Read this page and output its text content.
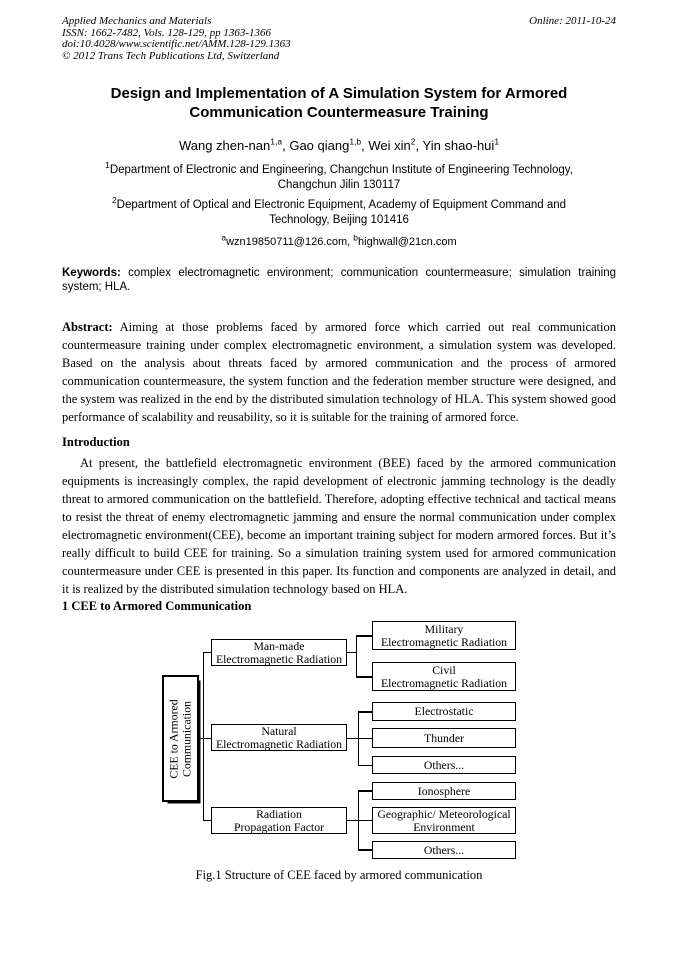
Applied Mechanics and Materials
ISSN: 1662-7482, Vols. 128-129, pp 1363-1366
doi:10.4028/www.scientific.net/AMM.128-129.1363
© 2012 Trans Tech Publications Ltd, Switzerland
Online: 2011-10-24
Design and Implementation of A Simulation System for Armored
Communication Countermeasure Training

Wang zhen-nan$^{1,a}$, Gao qiang$^{1,b}$, Wei xin$^2$, Yin shao-hui$^1$

$^1$Department of Electronic and Engineering, Changchun Institute of Engineering Technology,
Changchun Jilin 130117

$^2$Department of Optical and Electronic Equipment, Academy of Equipment Command and
Technology, Beijing 101416

$^a$wzn19850711@126.com, $^b$highwall@21cn.com

Keywords: complex electromagnetic environment; communication countermeasure; simulation training system; HLA.

Abstract: Aiming at those problems faced by armored force which carried out real communication countermeasure training under complex electromagnetic environment, a simulation system was developed. Based on the analysis about threats faced by armored communication and the process of armored communication countermeasure, the system function and the federation member structure were designed, and the system was realized in the end by the distributed simulation technology of HLA. This system showed good performance of scalability and reusability, so it is suitable for the training of armored force.

Introduction

At present, the battlefield electromagnetic environment (BEE) faced by the armored communication equipments is increasingly complex, the rapid development of electronic jamming technology is the deadly threat to armored communication on the battlefield. Therefore, adopting effective technical and tactical means to resist the threat of enemy electromagnetic jamming and ensure the normal communication under complex electromagnetic environment(CEE), become an important training subject for modern armored forces. But it’s really difficult to build CEE for training. So a simulation training system used for armored communication countermeasure under CEE is presented in this paper. Its function and components are analyzed in detail, and it is realized by the distributed simulation technology based on HLA.

1 CEE to Armored Communication

CEE to Armored Communication
Man-made
Electromagnetic Radiation
Natural
Electromagnetic Radiation
Radiation
Propagation Factor
Military
Electromagnetic Radiation
Civil
Electromagnetic Radiation
Electrostatic
Thunder
Others...
Ionosphere
Geographic/ Meteorological
Environment
Others...

Fig.1 Structure of CEE faced by armored communication
